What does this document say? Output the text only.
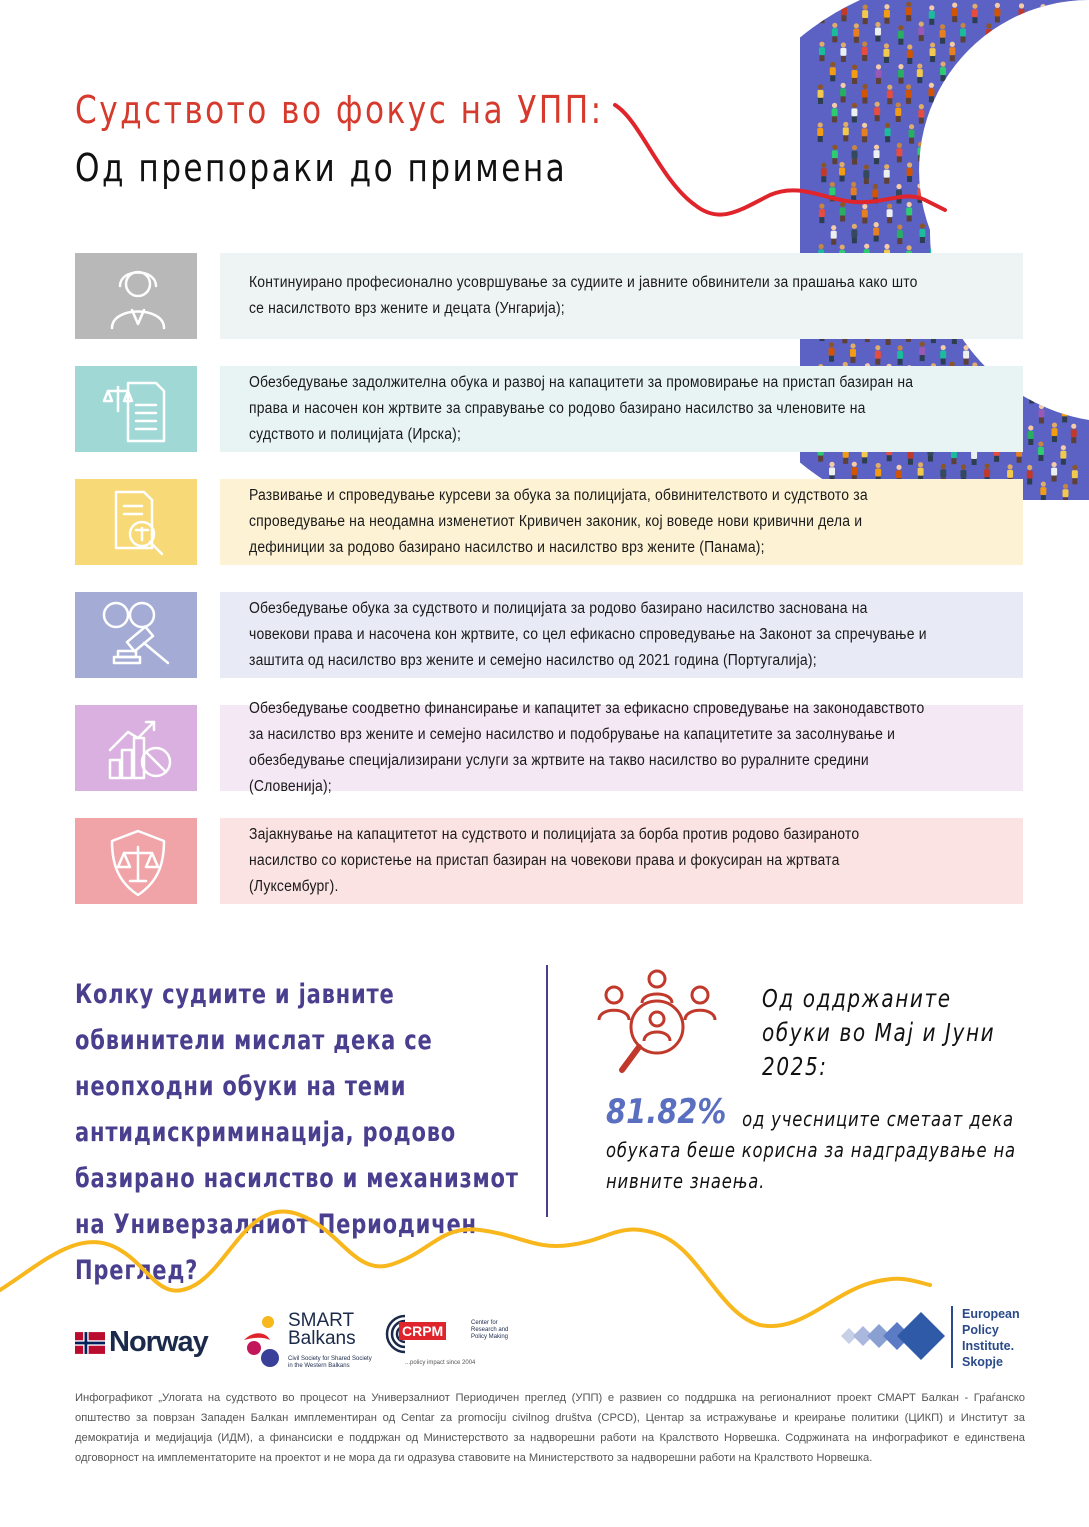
Судството во фокус на УПП:
Од препораки до примена
Континуирано професионално усовршување за судиите и јавните обвинители за прашања како што се насилството врз жените и децата (Унгарија);
Обезбедување задолжителна обука и развој на капацитети за промовирање на пристап базиран на права и насочен кон жртвите за справување со родово базирано насилство за членовите на судството и полицијата (Ирска);
Развивање и спроведување курсеви за обука за полицијата, обвинителството и судството за спроведување на неодамна изменетиот Кривичен законик, кој воведе нови кривични дела и дефиниции за родово базирано насилство и насилство врз жените (Панама);
Обезбедување обука за судството и полицијата за родово базирано насилство засновaна на човекови права и насочена кон жртвите, со цел ефикасно спроведување на Законот за спречување и заштита од насилство врз жените и семејно насилство од 2021 година (Португалија);
Обезбедување соодветно финансирање и капацитет за ефикасно спроведување на законодавството за насилство врз жените и семејно насилство и подобрување на капацитетите за засолнување и обезбедување специјализирани услуги за жртвите на такво насилство во руралните средини (Словенија);
Зајакнување на капацитетот на судството и полицијата за борба против родово базираното насилство со користење на пристап базиран на човекови права и фокусиран на жртвата (Луксембург).
Колку судиите и јавните обвинители мислат дека се неопходни обуки на теми антидискриминација, родово базирано насилство и механизмот на Универзалниот Периодичен Преглед?
Од оддржаните обуки во Мај и Јуни 2025:
81.82% од учесниците сметаат дека обуката беше корисна за надградување на нивните знаења.
Norway
SMART Balkans
Civil Society for Shared Society in the Western Balkans
CRPM	Center for Research and Policy Making
...policy impact since 2004
European Policy Institute. Skopje
Инфографикот „Улогата на судството во процесот на Универзалниот Периодичен преглед (УПП) е развиен со поддршка на регионалниот проект СМАРТ Балкан - Граѓанско општество за поврзан Западен Балкан имплементиран од Centar za promociju civilnog društva (CPCD), Центар за истражување и креирање политики (ЦИКП) и Институт за демократија и медијација (ИДМ), а финансиски е поддржан од Министерството за надворешни работи на Кралството Норвешка. Содржината на инфографикот е единствена одговорност на имплементаторите на проектот и не мора да ги одразува ставовите на Министерството за надворешни работи на Кралството Норвешка.
